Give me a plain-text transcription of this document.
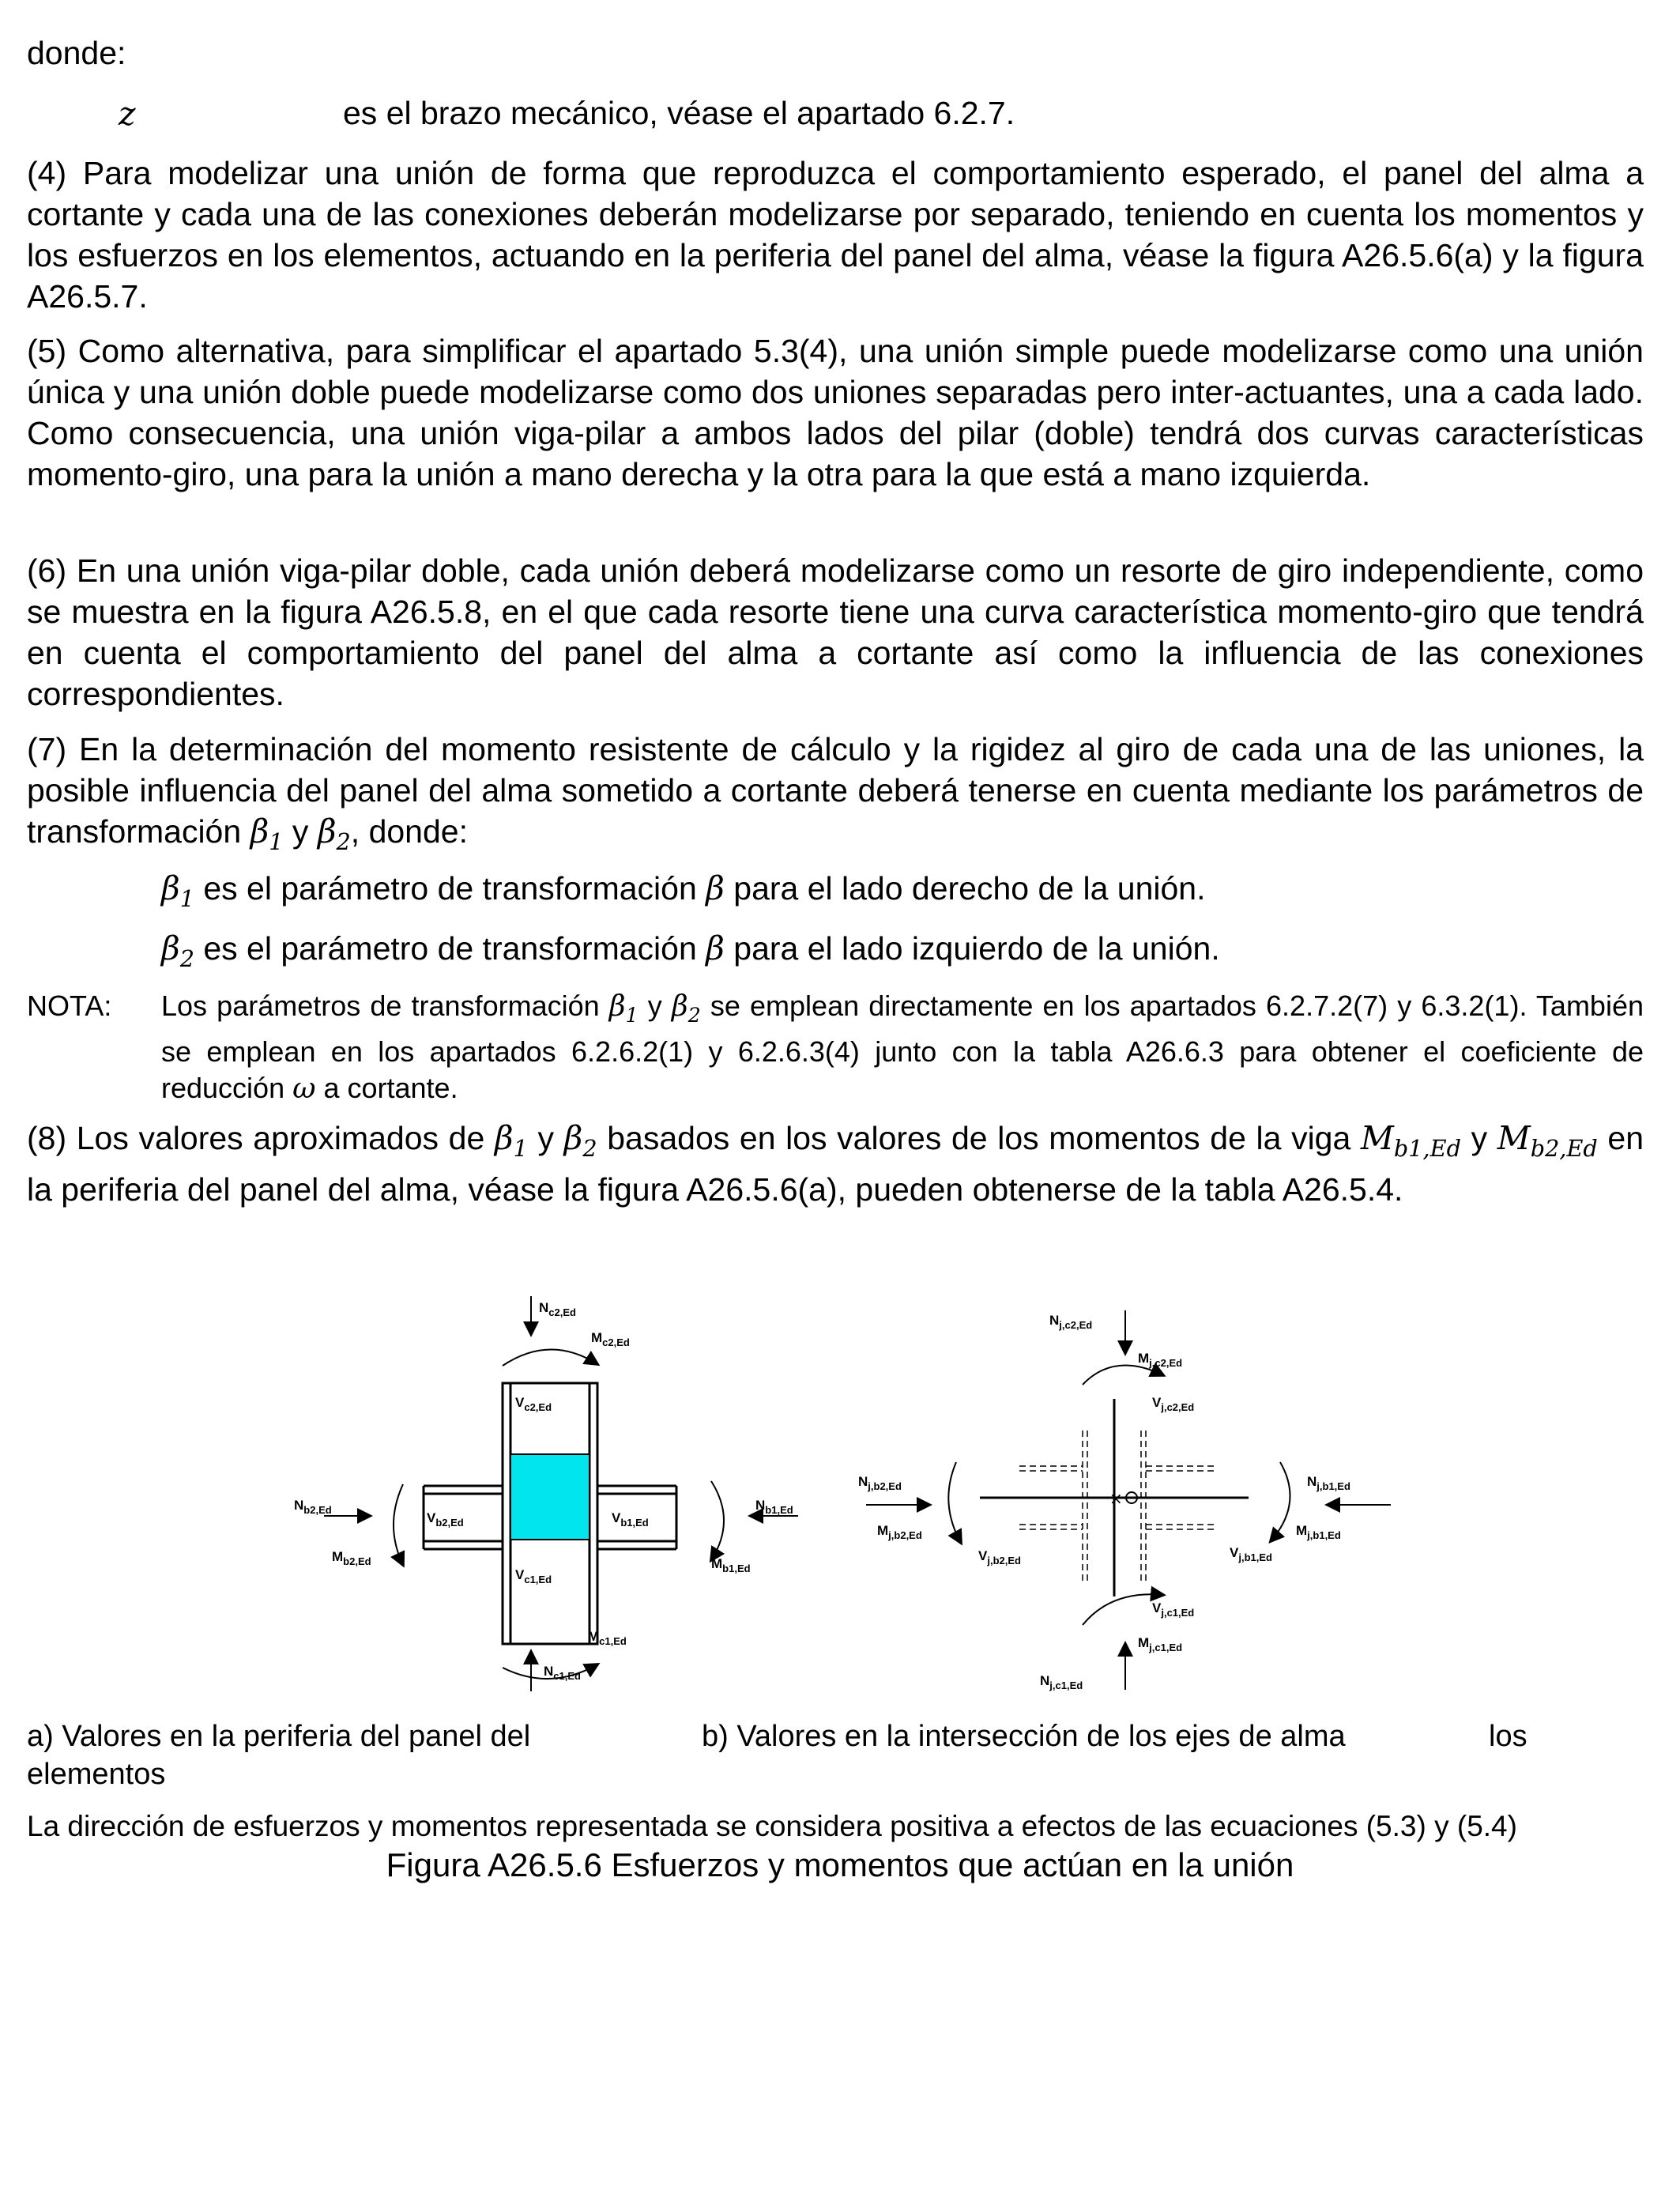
donde:
z	es el brazo mecánico, véase el apartado 6.2.7.

(4) Para modelizar una unión de forma que reproduzca el comportamiento esperado, el panel del alma a cortante y cada una de las conexiones deberán modelizarse por separado, teniendo en cuenta los momentos y los esfuerzos en los elementos, actuando en la periferia del panel del alma, véase la figura A26.5.6(a) y la figura A26.5.7.

(5) Como alternativa, para simplificar el apartado 5.3(4), una unión simple puede modelizarse como una unión única y una unión doble puede modelizarse como dos uniones separadas pero inter-actuantes, una a cada lado. Como consecuencia, una unión viga-pilar a ambos lados del pilar (doble) tendrá dos curvas características momento-giro, una para la unión a mano derecha y la otra para la que está a mano izquierda.

(6) En una unión viga-pilar doble, cada unión deberá modelizarse como un resorte de giro independiente, como se muestra en la figura A26.5.8, en el que cada resorte tiene una curva característica momento-giro que tendrá en cuenta el comportamiento del panel del alma a cortante así como la influencia de las conexiones correspondientes.

(7) En la determinación del momento resistente de cálculo y la rigidez al giro de cada una de las uniones, la posible influencia del panel del alma sometido a cortante deberá tenerse en cuenta mediante los parámetros de transformación $\beta_1$ y $\beta_2$, donde:

$\beta_1$ es el parámetro de transformación β para el lado derecho de la unión.
$\beta_2$ es el parámetro de transformación β para el lado izquierdo de la unión.
NOTA:	Los parámetros de transformación $\beta_1$ y $\beta_2$ se emplean directamente en los apartados 6.2.7.2(7) y 6.3.2(1). También se emplean en los apartados 6.2.6.2(1) y 6.2.6.3(4) junto con la tabla A26.6.3 para obtener el coeficiente de reducción ω a cortante.

(8) Los valores aproximados de $\beta_1$ y $\beta_2$ basados en los valores de los momentos de la viga $M_{b1,Ed}$ y $M_{b2,Ed}$ en la periferia del panel del alma, véase la figura A26.5.6(a), pueden obtenerse de la tabla A26.5.4.

$N_{c2,Ed}$
$M_{c2,Ed}$
$V_{c2,Ed}$
$N_{b2,Ed}$
$V_{b2,Ed}$
$M_{b2,Ed}$
$V_{b1,Ed}$
$N_{b1,Ed}$
$M_{b1,Ed}$
$V_{c1,Ed}$
$M_{c1,Ed}$
$N_{c1,Ed}$
×
$N_{j,c2,Ed}$
$M_{j,c2,Ed}$
$V_{j,c2,Ed}$
$N_{j,b2,Ed}$
$M_{j,b2,Ed}$
$V_{j,b2,Ed}$
$N_{j,b1,Ed}$
$M_{j,b1,Ed}$
$V_{j,b1,Ed}$
$V_{j,c1,Ed}$
$M_{j,c1,Ed}$
$N_{j,c1,Ed}$
a) Valores en la periferia del panel del	b) Valores en la intersección de los ejes de alma	los
elementos
La dirección de esfuerzos y momentos representada se considera positiva a efectos de las ecuaciones (5.3) y (5.4)
Figura A26.5.6 Esfuerzos y momentos que actúan en la unión
